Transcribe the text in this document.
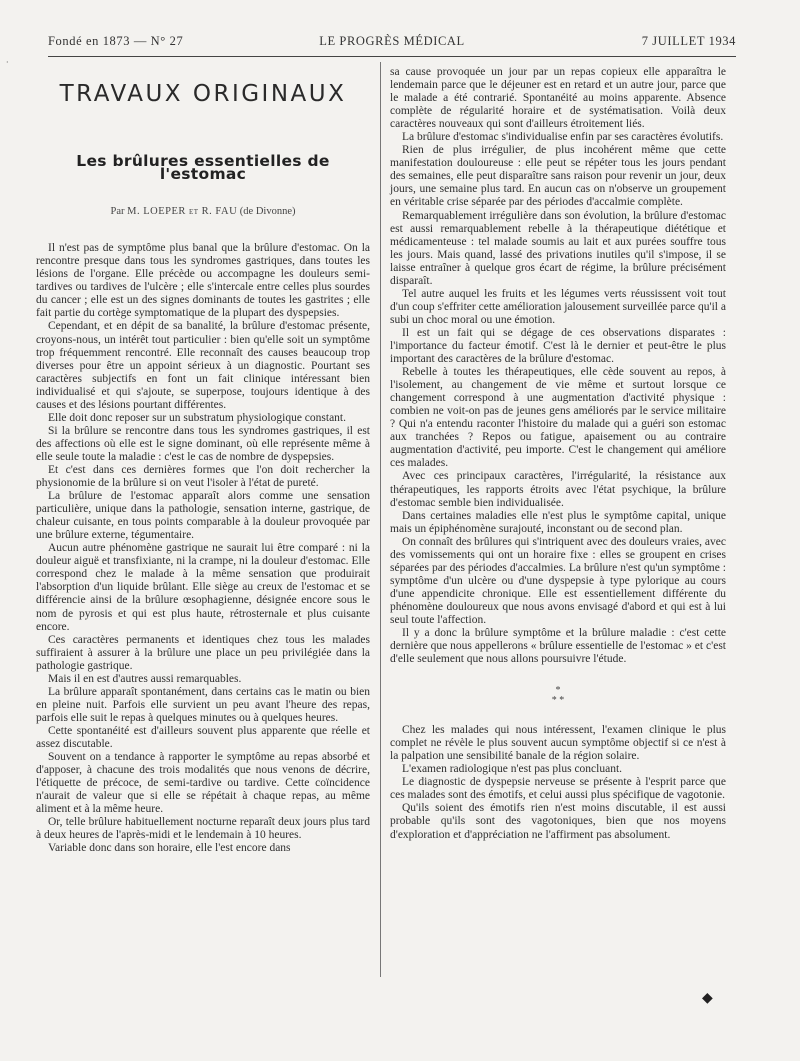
Fondé en 1873 — N° 27	LE PROGRÈS MÉDICAL	7 JUILLET 1934
·
TRAVAUX ORIGINAUX
Les brûlures essentielles de l'estomac
Par M. LOEPER et R. FAU (de Divonne)

Il n'est pas de symptôme plus banal que la brûlure d'estomac. On la rencontre presque dans tous les syndromes gastriques, dans toutes les lésions de l'organe. Elle précède ou accompagne les douleurs semi-tardives ou tardives de l'ulcère ; elle s'intercale entre celles plus sourdes du cancer ; elle est un des signes dominants de toutes les gastrites ; elle fait partie du cortège symptomatique de la plupart des dyspepsies.

Cependant, et en dépit de sa banalité, la brûlure d'estomac présente, croyons-nous, un intérêt tout particulier : bien qu'elle soit un symptôme trop fréquemment rencontré. Elle reconnaît des causes beaucoup trop diverses pour être un appoint sérieux à un diagnostic. Pourtant ses caractères subjectifs en font un fait clinique intéressant bien individualisé et qui s'ajoute, se superpose, toujours identique à des causes et des lésions pourtant différentes.

Elle doit donc reposer sur un substratum physiologique constant.

Si la brûlure se rencontre dans tous les syndromes gastriques, il est des affections où elle est le signe dominant, où elle représente même à elle seule toute la maladie : c'est le cas de nombre de dyspepsies.

Et c'est dans ces dernières formes que l'on doit rechercher la physionomie de la brûlure si on veut l'isoler à l'état de pureté.

La brûlure de l'estomac apparaît alors comme une sensation particulière, unique dans la pathologie, sensation interne, gastrique, de chaleur cuisante, en tous points comparable à la douleur provoquée par une brûlure externe, tégumentaire.

Aucun autre phénomène gastrique ne saurait lui être comparé : ni la douleur aiguë et transfixiante, ni la crampe, ni la douleur d'estomac. Elle correspond chez le malade à la même sensation que produirait l'absorption d'un liquide brûlant. Elle siège au creux de l'estomac et se différencie ainsi de la brûlure œsophagienne, désignée encore sous le nom de pyrosis et qui est plus haute, rétrosternale et plus cuisante encore.

Ces caractères permanents et identiques chez tous les malades suffiraient à assurer à la brûlure une place un peu privilégiée dans la pathologie gastrique.

Mais il en est d'autres aussi remarquables.

La brûlure apparaît spontanément, dans certains cas le matin ou bien en pleine nuit. Parfois elle survient un peu avant l'heure des repas, parfois elle suit le repas à quelques minutes ou à quelques heures.

Cette spontanéité est d'ailleurs souvent plus apparente que réelle et assez discutable.

Souvent on a tendance à rapporter le symptôme au repas absorbé et d'apposer, à chacune des trois modalités que nous venons de décrire, l'étiquette de précoce, de semi-tardive ou tardive. Cette coïncidence n'aurait de valeur que si elle se répétait à chaque repas, au même aliment et à la même heure.

Or, telle brûlure habituellement nocturne reparaît deux jours plus tard à deux heures de l'après-midi et le lendemain à 10 heures.

Variable donc dans son horaire, elle l'est encore dans

sa cause provoquée un jour par un repas copieux elle apparaîtra le lendemain parce que le déjeuner est en retard et un autre jour, parce que le malade a été contrarié. Spontanéité au moins apparente. Absence complète de régularité horaire et de systématisation. Voilà deux caractères nouveaux qui sont d'ailleurs étroitement liés.

La brûlure d'estomac s'individualise enfin par ses caractères évolutifs.

Rien de plus irrégulier, de plus incohérent même que cette manifestation douloureuse : elle peut se répéter tous les jours pendant des semaines, elle peut disparaître sans raison pour revenir un jour, deux jours, une semaine plus tard. En aucun cas on n'observe un groupement en véritable crise séparée par des périodes d'accalmie complète.

Remarquablement irrégulière dans son évolution, la brûlure d'estomac est aussi remarquablement rebelle à la thérapeutique diététique et médicamenteuse : tel malade soumis au lait et aux purées souffre tous les jours. Mais quand, lassé des privations inutiles qu'il s'impose, il se laisse entraîner à quelque gros écart de régime, la brûlure précisément disparaît.

Tel autre auquel les fruits et les légumes verts réussissent voit tout d'un coup s'effriter cette amélioration jalousement surveillée parce qu'il a subi un choc moral ou une émotion.

Il est un fait qui se dégage de ces observations disparates : l'importance du facteur émotif. C'est là le dernier et peut-être le plus important des caractères de la brûlure d'estomac.

Rebelle à toutes les thérapeutiques, elle cède souvent au repos, à l'isolement, au changement de vie même et surtout lorsque ce changement correspond à une augmentation d'activité physique : combien ne voit-on pas de jeunes gens améliorés par le service militaire ? Qui n'a entendu raconter l'histoire du malade qui a guéri son estomac aux tranchées ? Repos ou fatigue, apaisement ou au contraire augmentation d'activité, peu importe. C'est le changement qui améliore ces malades.

Avec ces principaux caractères, l'irrégularité, la résistance aux thérapeutiques, les rapports étroits avec l'état psychique, la brûlure d'estomac semble bien individualisée.

Dans certaines maladies elle n'est plus le symptôme capital, unique mais un épiphénomène surajouté, inconstant ou de second plan.

On connaît des brûlures qui s'intriquent avec des douleurs vraies, avec des vomissements qui ont un horaire fixe : elles se groupent en crises séparées par des périodes d'accalmies. La brûlure n'est qu'un symptôme : symptôme d'un ulcère ou d'une dyspepsie à type pylorique au cours d'une appendicite chronique. Elle est essentiellement différente du phénomène douloureux que nous avons envisagé d'abord et qui est à lui seul toute l'affection.

Il y a donc la brûlure symptôme et la brûlure maladie : c'est cette dernière que nous appellerons « brûlure essentielle de l'estomac » et c'est d'elle seulement que nous allons poursuivre l'étude.

*
* *

Chez les malades qui nous intéressent, l'examen clinique le plus complet ne révèle le plus souvent aucun symptôme objectif si ce n'est à la palpation une sensibilité banale de la région solaire.

L'examen radiologique n'est pas plus concluant.

Le diagnostic de dyspepsie nerveuse se présente à l'esprit parce que ces malades sont des émotifs, et celui aussi plus spécifique de vagotonie.

Qu'ils soient des émotifs rien n'est moins discutable, il est aussi probable qu'ils sont des vagotoniques, bien que nos moyens d'exploration et d'appréciation ne l'affirment pas absolument.

◆
